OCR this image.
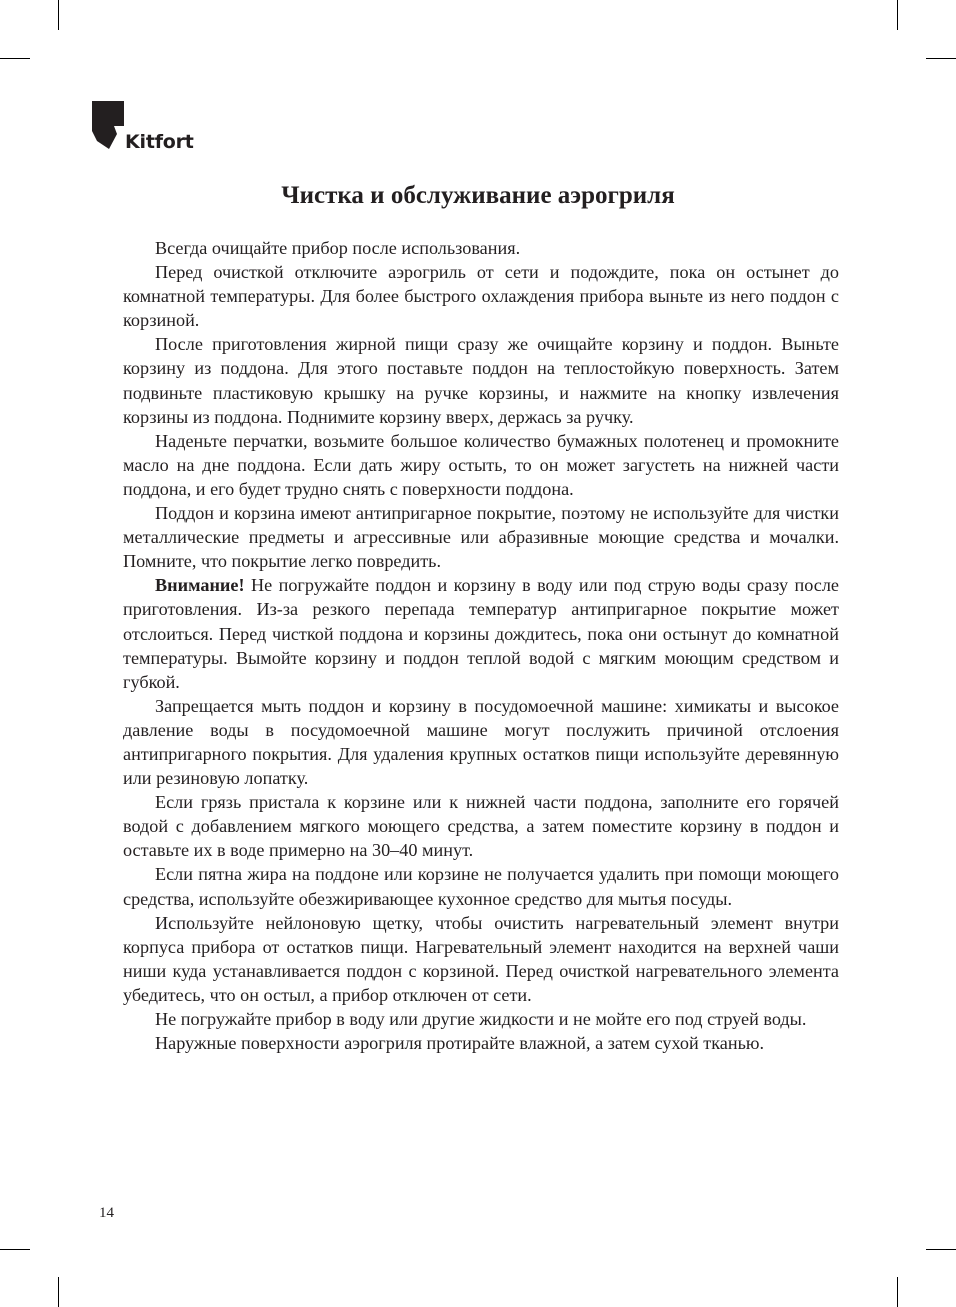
Kitfort
Чистка и обслуживание аэрогриля

Всегда очищайте прибор после использования.

Перед очисткой отключите аэрогриль от сети и подождите, пока он остынет до комнатной температуры. Для более быстрого охлаждения прибора выньте из него поддон с корзиной.

После приготовления жирной пищи сразу же очищайте корзину и поддон. Выньте корзину из поддона. Для этого поставьте поддон на теплостойкую поверхность. Затем подвиньте пластиковую крышку на ручке корзины, и нажмите на кнопку извлечения корзины из поддона. Поднимите корзину вверх, держась за ручку.

Наденьте перчатки, возьмите большое количество бумажных полотенец и промокните масло на дне поддона. Если дать жиру остыть, то он может загустеть на нижней части поддона, и его будет трудно снять с поверхности поддона.

Поддон и корзина имеют антипригарное покрытие, поэтому не используйте для чистки металлические предметы и агрессивные или абразивные моющие средства и мочалки. Помните, что покрытие легко повредить.

Внимание! Не погружайте поддон и корзину в воду или под струю воды сразу после приготовления. Из-за резкого перепада температур антипригарное покрытие может отслоиться. Перед чисткой поддона и корзины дождитесь, пока они остынут до комнатной температуры. Вымойте корзину и поддон теплой водой с мягким моющим средством и губкой.

Запрещается мыть поддон и корзину в посудомоечной машине: химикаты и высокое давление воды в посудомоечной машине могут послужить причиной отслоения антипригарного покрытия. Для удаления крупных остатков пищи используйте деревянную или резиновую лопатку.

Если грязь пристала к корзине или к нижней части поддона, заполните его горячей водой с добавлением мягкого моющего средства, а затем поместите корзину в поддон и оставьте их в воде примерно на 30–40 минут.

Если пятна жира на поддоне или корзине не получается удалить при помощи моющего средства, используйте обезжиривающее кухонное средство для мытья посуды.

Используйте нейлоновую щетку, чтобы очистить нагревательный элемент внутри корпуса прибора от остатков пищи. Нагревательный элемент находится на верхней чаши ниши куда устанавливается поддон с корзиной. Перед очисткой нагревательного элемента убедитесь, что он остыл, а прибор отключен от сети.

Не погружайте прибор в воду или другие жидкости и не мойте его под струей воды.

Наружные поверхности аэрогриля протирайте влажной, а затем сухой тканью.

14
